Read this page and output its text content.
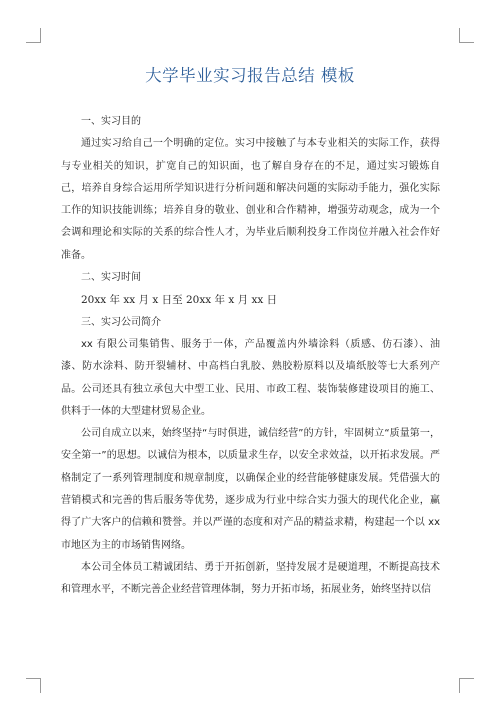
大学毕业实习报告总结 模板

一、实习目的

通过实习给自己一个明确的定位。实习中接触了与本专业相关的实际工作，获得与专业相关的知识，扩宽自己的知识面，也了解自身存在的不足，通过实习锻炼自己，培养自身综合运用所学知识进行分析问题和解决问题的实际动手能力，强化实际工作的知识技能训练；培养自身的敬业、创业和合作精神，增强劳动观念，成为一个会调和理论和实际的关系的综合性人才，为毕业后顺利投身工作岗位并融入社会作好准备。

二、实习时间

20xx 年 xx 月 x 日至 20xx 年 x 月 xx 日

三、实习公司简介

xx 有限公司集销售、服务于一体，产品覆盖内外墙涂料（质感、仿石漆）、油漆、防水涂料、防开裂辅材、中高档白乳胶、熟胶粉原料以及墙纸胶等七大系列产品。公司还具有独立承包大中型工业、民用、市政工程、装饰装修建设项目的施工、供料于一体的大型建材贸易企业。

公司自成立以来，始终坚持“与时俱进，诚信经营”的方针，牢固树立“质量第一，安全第一”的思想。以诚信为根本，以质量求生存，以安全求效益，以开拓求发展。严格制定了一系列管理制度和规章制度，以确保企业的经营能够健康发展。凭借强大的营销模式和完善的售后服务等优势，逐步成为行业中综合实力强大的现代化企业，赢得了广大客户的信赖和赞誉。并以严谨的态度和对产品的精益求精，构建起一个以 xx 市地区为主的市场销售网络。

本公司全体员工精诚团结、勇于开拓创新，坚持发展才是硬道理，不断提高技术和管理水平，不断完善企业经营管理体制，努力开拓市场，拓展业务，始终坚持以信
